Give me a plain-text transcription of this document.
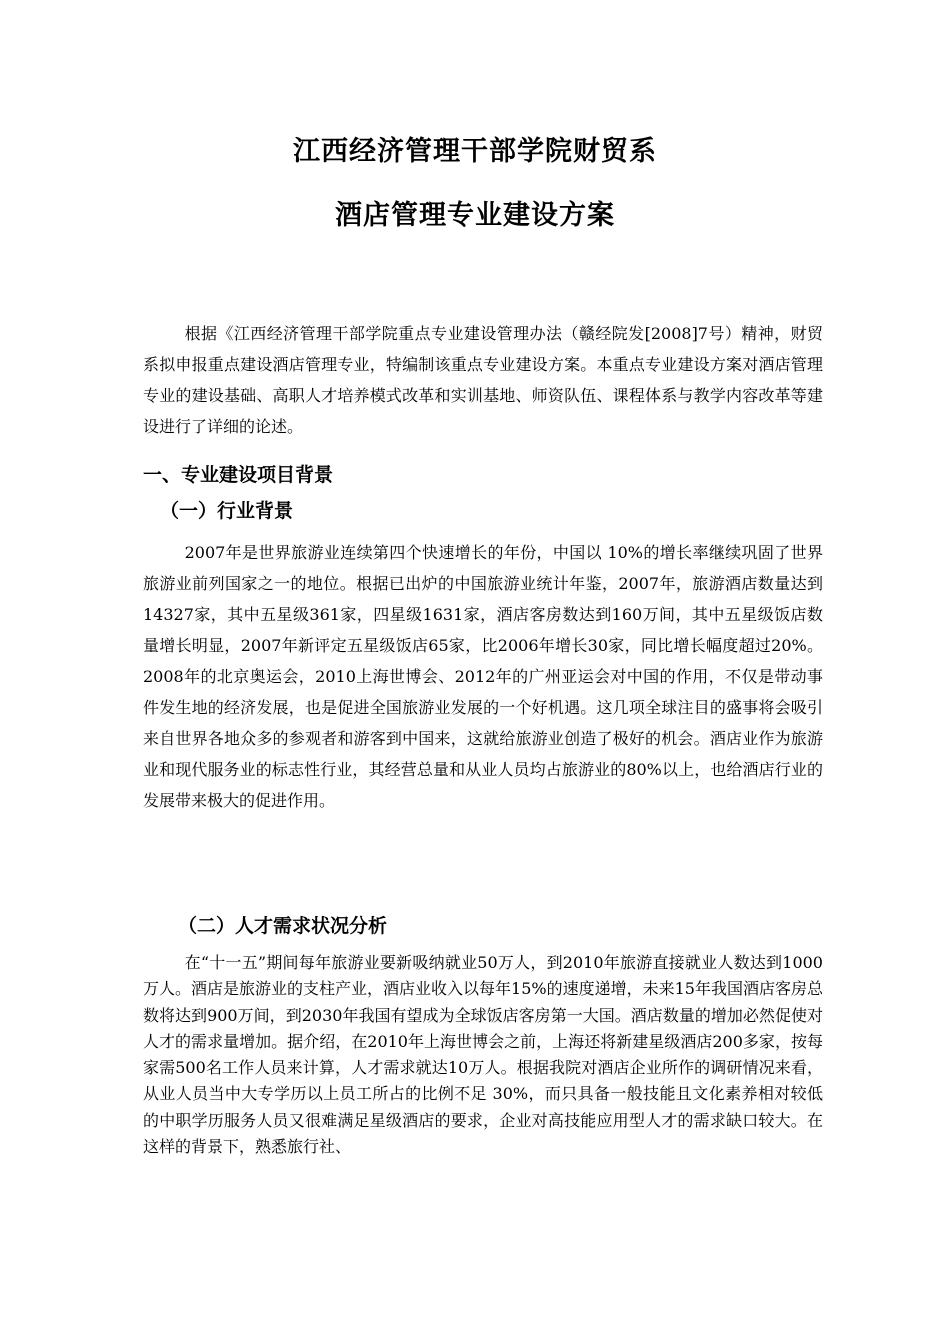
江西经济管理干部学院财贸系
酒店管理专业建设方案
根据《江西经济管理干部学院重点专业建设管理办法（赣经院发[2008]7号）精神，财贸系拟申报重点建设酒店管理专业，特编制该重点专业建设方案。本重点专业建设方案对酒店管理专业的建设基础、高职人才培养模式改革和实训基地、师资队伍、课程体系与教学内容改革等建设进行了详细的论述。
一、专业建设项目背景
（一）行业背景
2007年是世界旅游业连续第四个快速增长的年份，中国以 10%的增长率继续巩固了世界旅游业前列国家之一的地位。根据已出炉的中国旅游业统计年鉴，2007年，旅游酒店数量达到14327家，其中五星级361家，四星级1631家，酒店客房数达到160万间，其中五星级饭店数量增长明显，2007年新评定五星级饭店65家，比2006年增长30家，同比增长幅度超过20%。2008年的北京奥运会，2010上海世博会、2012年的广州亚运会对中国的作用，不仅是带动事件发生地的经济发展，也是促进全国旅游业发展的一个好机遇。这几项全球注目的盛事将会吸引来自世界各地众多的参观者和游客到中国来，这就给旅游业创造了极好的机会。酒店业作为旅游业和现代服务业的标志性行业，其经营总量和从业人员均占旅游业的80%以上，也给酒店行业的发展带来极大的促进作用。
（二）人才需求状况分析
在“十一五”期间每年旅游业要新吸纳就业50万人，到2010年旅游直接就业人数达到1000万人。酒店是旅游业的支柱产业，酒店业收入以每年15%的速度递增，未来15年我国酒店客房总数将达到900万间，到2030年我国有望成为全球饭店客房第一大国。酒店数量的增加必然促使对人才的需求量增加。据介绍，在2010年上海世博会之前，上海还将新建星级酒店200多家，按每家需500名工作人员来计算，人才需求就达10万人。根据我院对酒店企业所作的调研情况来看，从业人员当中大专学历以上员工所占的比例不足 30%，而只具备一般技能且文化素养相对较低的中职学历服务人员又很难满足星级酒店的要求，企业对高技能应用型人才的需求缺口较大。在这样的背景下，熟悉旅行社、
